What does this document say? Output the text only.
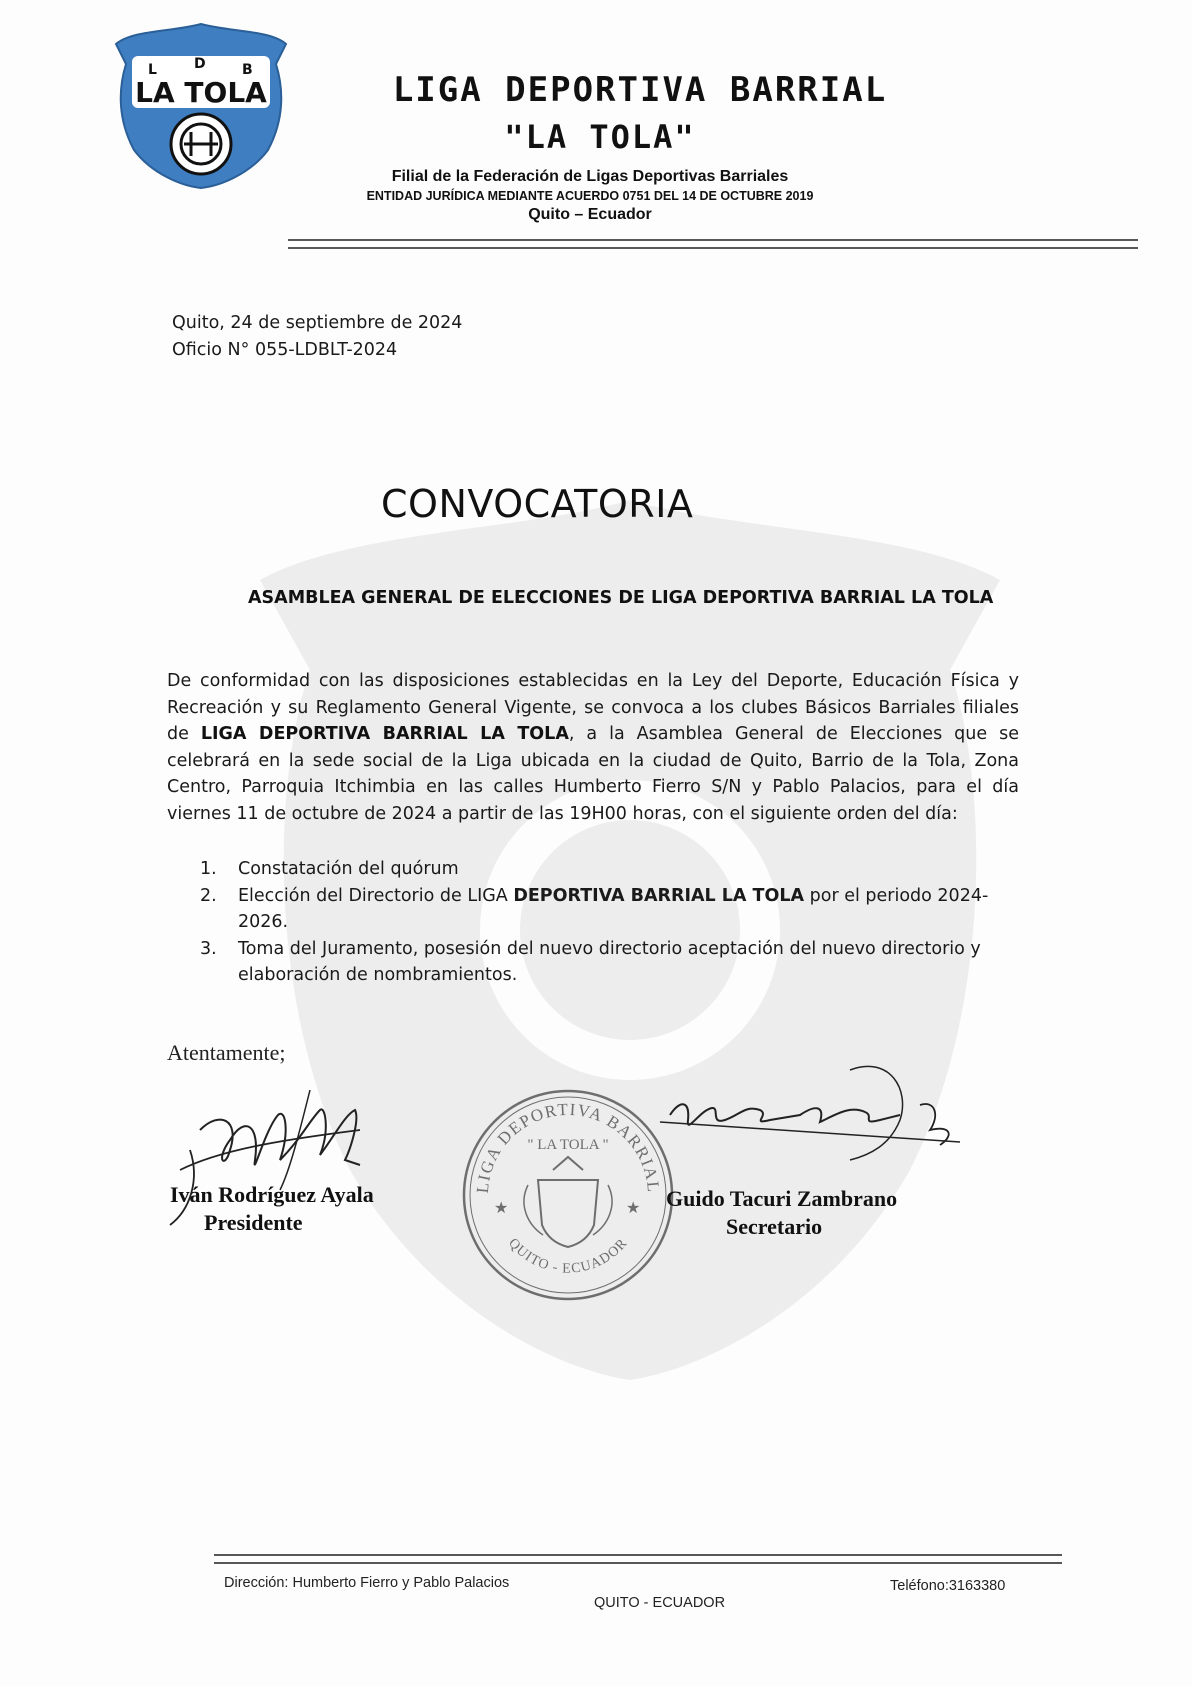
L	D	B
LA TOLA	LIGA DEPORTIVA BARRIAL
"LA TOLA"
Filial de la Federación de Ligas Deportivas Barriales
ENTIDAD JURÍDICA MEDIANTE ACUERDO 0751 DEL 14 DE OCTUBRE 2019
Quito – Ecuador
Quito, 24 de septiembre de 2024
Oficio N° 055-LDBLT-2024
CONVOCATORIA
ASAMBLEA GENERAL DE ELECCIONES DE LIGA DEPORTIVA BARRIAL LA TOLA
De conformidad con las disposiciones establecidas en la Ley del Deporte, Educación Física y Recreación y su Reglamento General Vigente, se convoca a los clubes Básicos Barriales filiales de LIGA DEPORTIVA BARRIAL LA TOLA, a la Asamblea General de Elecciones que se celebrará en la sede social de la Liga ubicada en la ciudad de Quito, Barrio de la Tola, Zona Centro, Parroquia Itchimbia en las calles Humberto Fierro S/N y Pablo Palacios, para el día viernes 11 de octubre de 2024 a partir de las 19H00 horas, con el siguiente orden del día:
1. Constatación del quórum
2. Elección del Directorio de LIGA DEPORTIVA BARRIAL LA TOLA por el periodo 2024-2026.
3. Toma del Juramento, posesión del nuevo directorio aceptación del nuevo directorio y elaboración de nombramientos.
Atentamente;
LIGA DEPORTIVA BARRIAL
" LA TOLA "
QUITO - ECUADOR
★	★
Iván Rodríguez Ayala
Presidente
Guido Tacuri Zambrano
Secretario
Dirección: Humberto Fierro y Pablo Palacios
QUITO - ECUADOR
Teléfono:3163380
